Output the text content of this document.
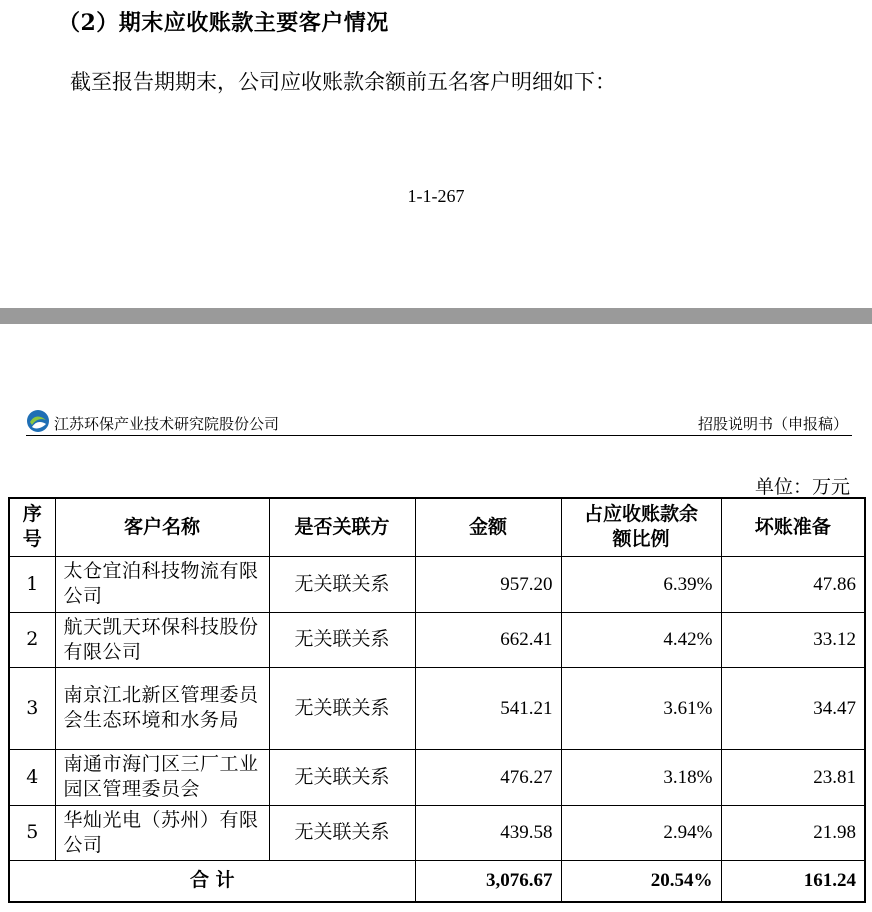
（2）期末应收账款主要客户情况
截至报告期期末，公司应收账款余额前五名客户明细如下：
1-1-267
江苏环保产业技术研究院股份公司	招股说明书（申报稿）
单位：万元
序号	客户名称	是否关联方	金额	占应收账款余额比例	坏账准备
1	太仓宜泊科技物流有限公司	无关联关系	957.20	6.39%	47.86
2	航天凯天环保科技股份有限公司	无关联关系	662.41	4.42%	33.12
3	南京江北新区管理委员会生态环境和水务局	无关联关系	541.21	3.61%	34.47
4	南通市海门区三厂工业园区管理委员会	无关联关系	476.27	3.18%	23.81
5	华灿光电（苏州）有限公司	无关联关系	439.58	2.94%	21.98
合 计			3,076.67	20.54%	161.24
